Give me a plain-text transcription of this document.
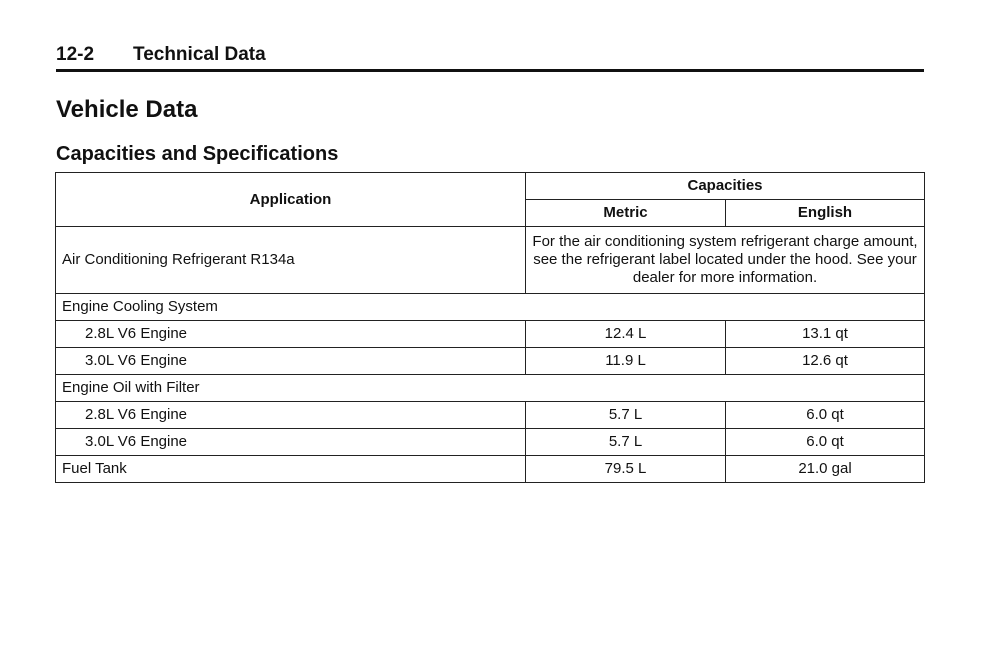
12-2 Technical Data
Vehicle Data
Capacities and Specifications
Application	Capacities	
	Metric	English
Air Conditioning Refrigerant R134a	For the air conditioning system refrigerant charge amount, see the refrigerant label located under the hood. See your dealer for more information.	
Engine Cooling System		
2.8L V6 Engine	12.4 L	13.1 qt
3.0L V6 Engine	11.9 L	12.6 qt
Engine Oil with Filter		
2.8L V6 Engine	5.7 L	6.0 qt
3.0L V6 Engine	5.7 L	6.0 qt
Fuel Tank	79.5 L	21.0 gal
